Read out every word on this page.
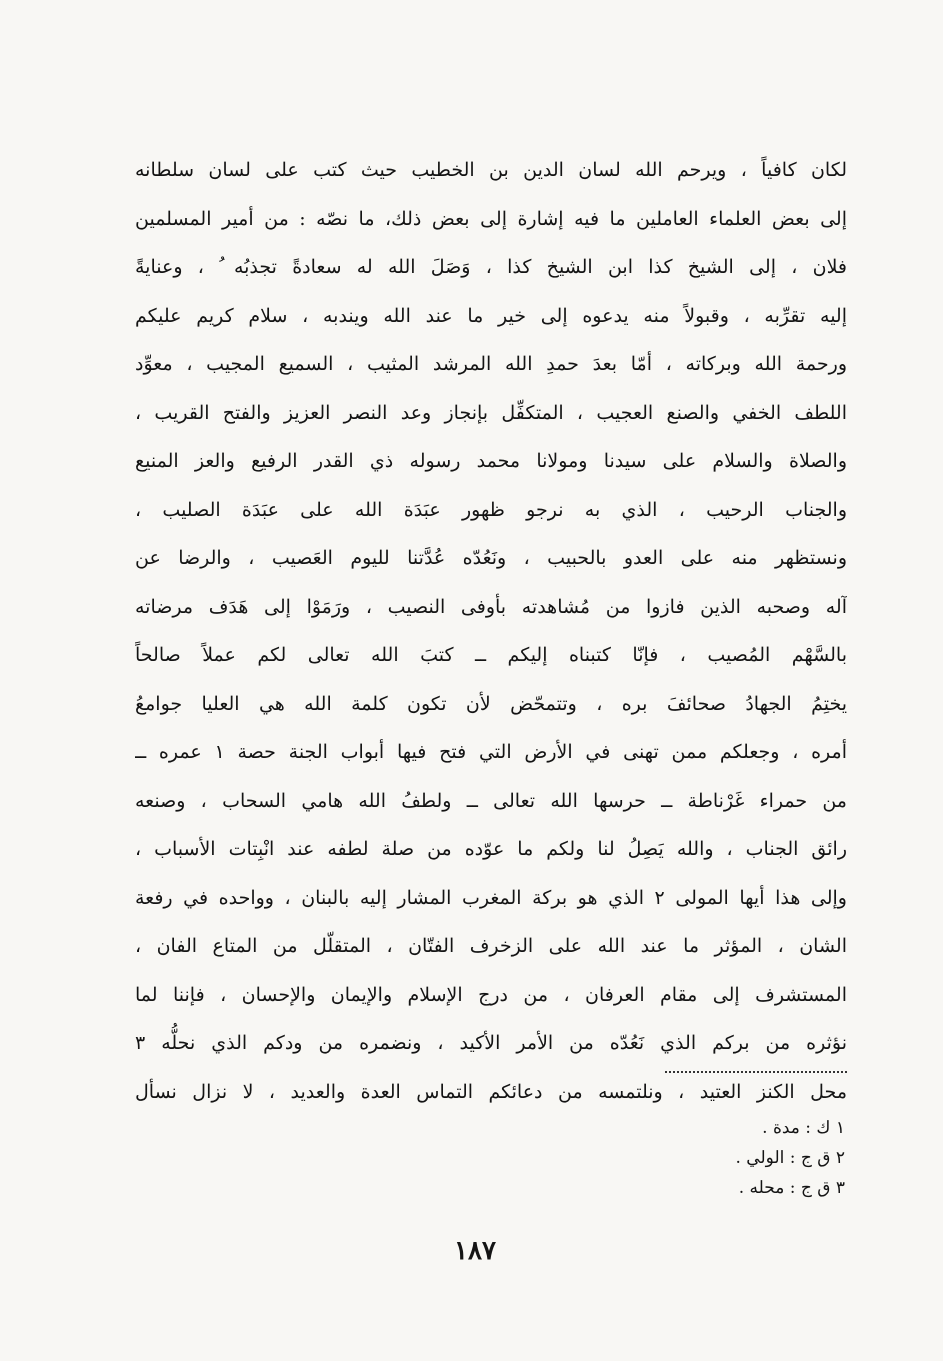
لكان كافياً ، ويرحم الله لسان الدين بن الخطيب حيث كتب على لسان سلطانه
إلى بعض العلماء العاملين ما فيه إشارة إلى بعض ذلك، ما نصّه : من أمير المسلمين
فلان ، إلى الشيخ كذا ابن الشيخ كذا ، وَصَلَ الله له سعادةً تجذبُه ُ ، وعنايةً
إليه تقرِّبه ، وقبولاً منه يدعوه إلى خير ما عند الله ويندبه ، سلام كريم عليكم
ورحمة الله وبركاته ، أمّا بعدَ حمدِ الله المرشد المثيب ، السميع المجيب ، معوِّد
اللطف الخفي والصنع العجيب ، المتكفِّل بإنجاز وعد النصر العزيز والفتح القريب ،
والصلاة والسلام على سيدنا ومولانا محمد رسوله ذي القدر الرفيع والعز المنيع
والجناب الرحيب ، الذي به نرجو ظهور عبَدَة الله على عبَدَة الصليب ،
ونستظهر منه على العدو بالحبيب ، ونَعُدّه عُدَّتنا لليوم العَصيب ، والرضا عن
آله وصحبه الذين فازوا من مُشاهدته بأوفى النصيب ، ورَمَوْا إلى هَدَف مرضاته
بالسَّهْم المُصيب ، فإنّا كتبناه إليكم ــ كتبَ الله تعالى لكم عملاً صالحاً
يختِمُ الجهادُ صحائفَ بره ، وتتمحّض لأن تكون كلمة الله هي العليا جوامعُ
أمره ، وجعلكم ممن تهنى في الأرض التي فتح فيها أبواب الجنة حصة ١ عمره ــ
من حمراء غَرْناطة ــ حرسها الله تعالى ــ ولطفُ الله هامي السحاب ، وصنعه
رائق الجناب ، والله يَصِلُ لنا ولكم ما عوّده من صلة لطفه عند انْبِتات الأسباب ،
وإلى هذا أيها المولى ٢ الذي هو بركة المغرب المشار إليه بالبنان ، وواحده في رفعة
الشان ، المؤثر ما عند الله على الزخرف الفتّان ، المتقلّل من المتاع الفان ،
المستشرف إلى مقام العرفان ، من درج الإسلام والإيمان والإحسان ، فإننا لما
نؤثره من بركم الذي نَعُدّه من الأمر الأكيد ، ونضمره من ودكم الذي نحلُّه ٣
محل الكنز العتيد ، ونلتمسه من دعائكم التماس العدة والعديد ، لا نزال نسأل
١ ك : مدة .
٢ ق ج : الولي .
٣ ق ج : محله .
١٨٧
